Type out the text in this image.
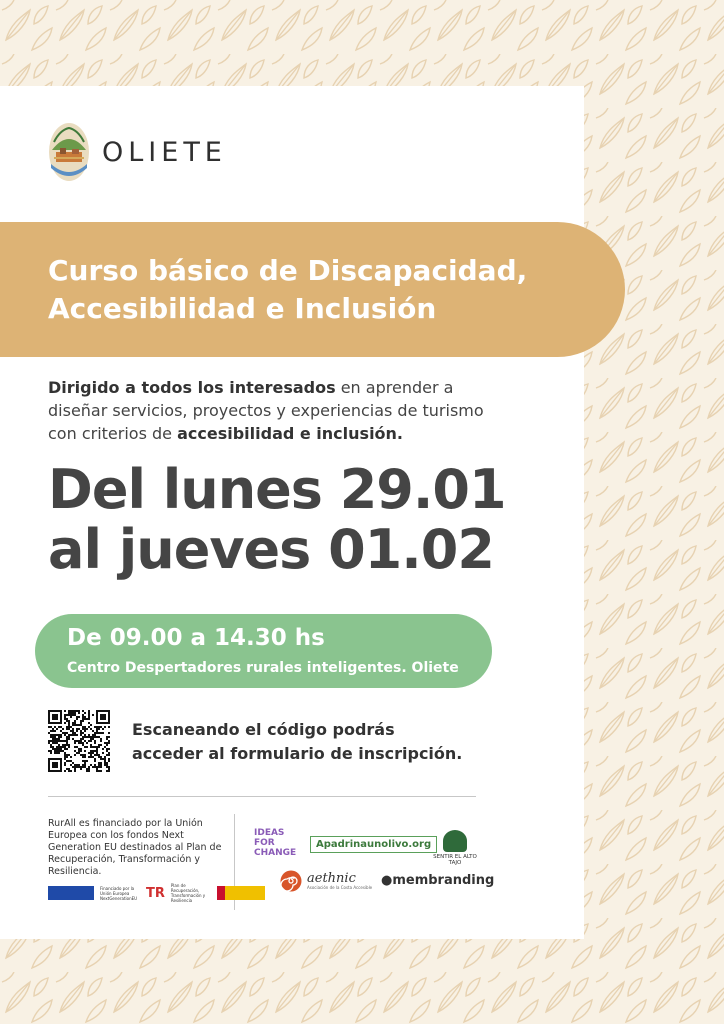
OLIETE
Curso básico de Discapacidad,
Accesibilidad e Inclusión
Dirigido a todos los interesados en aprender a diseñar servicios, proyectos y experiencias de turismo con criterios de accesibilidad e inclusión.
Del lunes 29.01
al jueves 01.02
De 09.00 a 14.30 hs
Centro Despertadores rurales inteligentes. Oliete
Escaneando el código podrás
acceder al formulario de inscripción.
RurAll es financiado por la Unión Europea con los fondos Next Generation EU destinados al Plan de Recuperación, Transformación y Resiliencia.
Financiado por la Unión Europea NextGenerationEU TR Plan de Recuperación, Transformación y Resiliencia
IDEAS
FOR
CHANGE
Apadrinaunolivo.org
SENTIR EL ALTO TAJO
aethnic
Asociación de la Costa Accesible ●membranding
